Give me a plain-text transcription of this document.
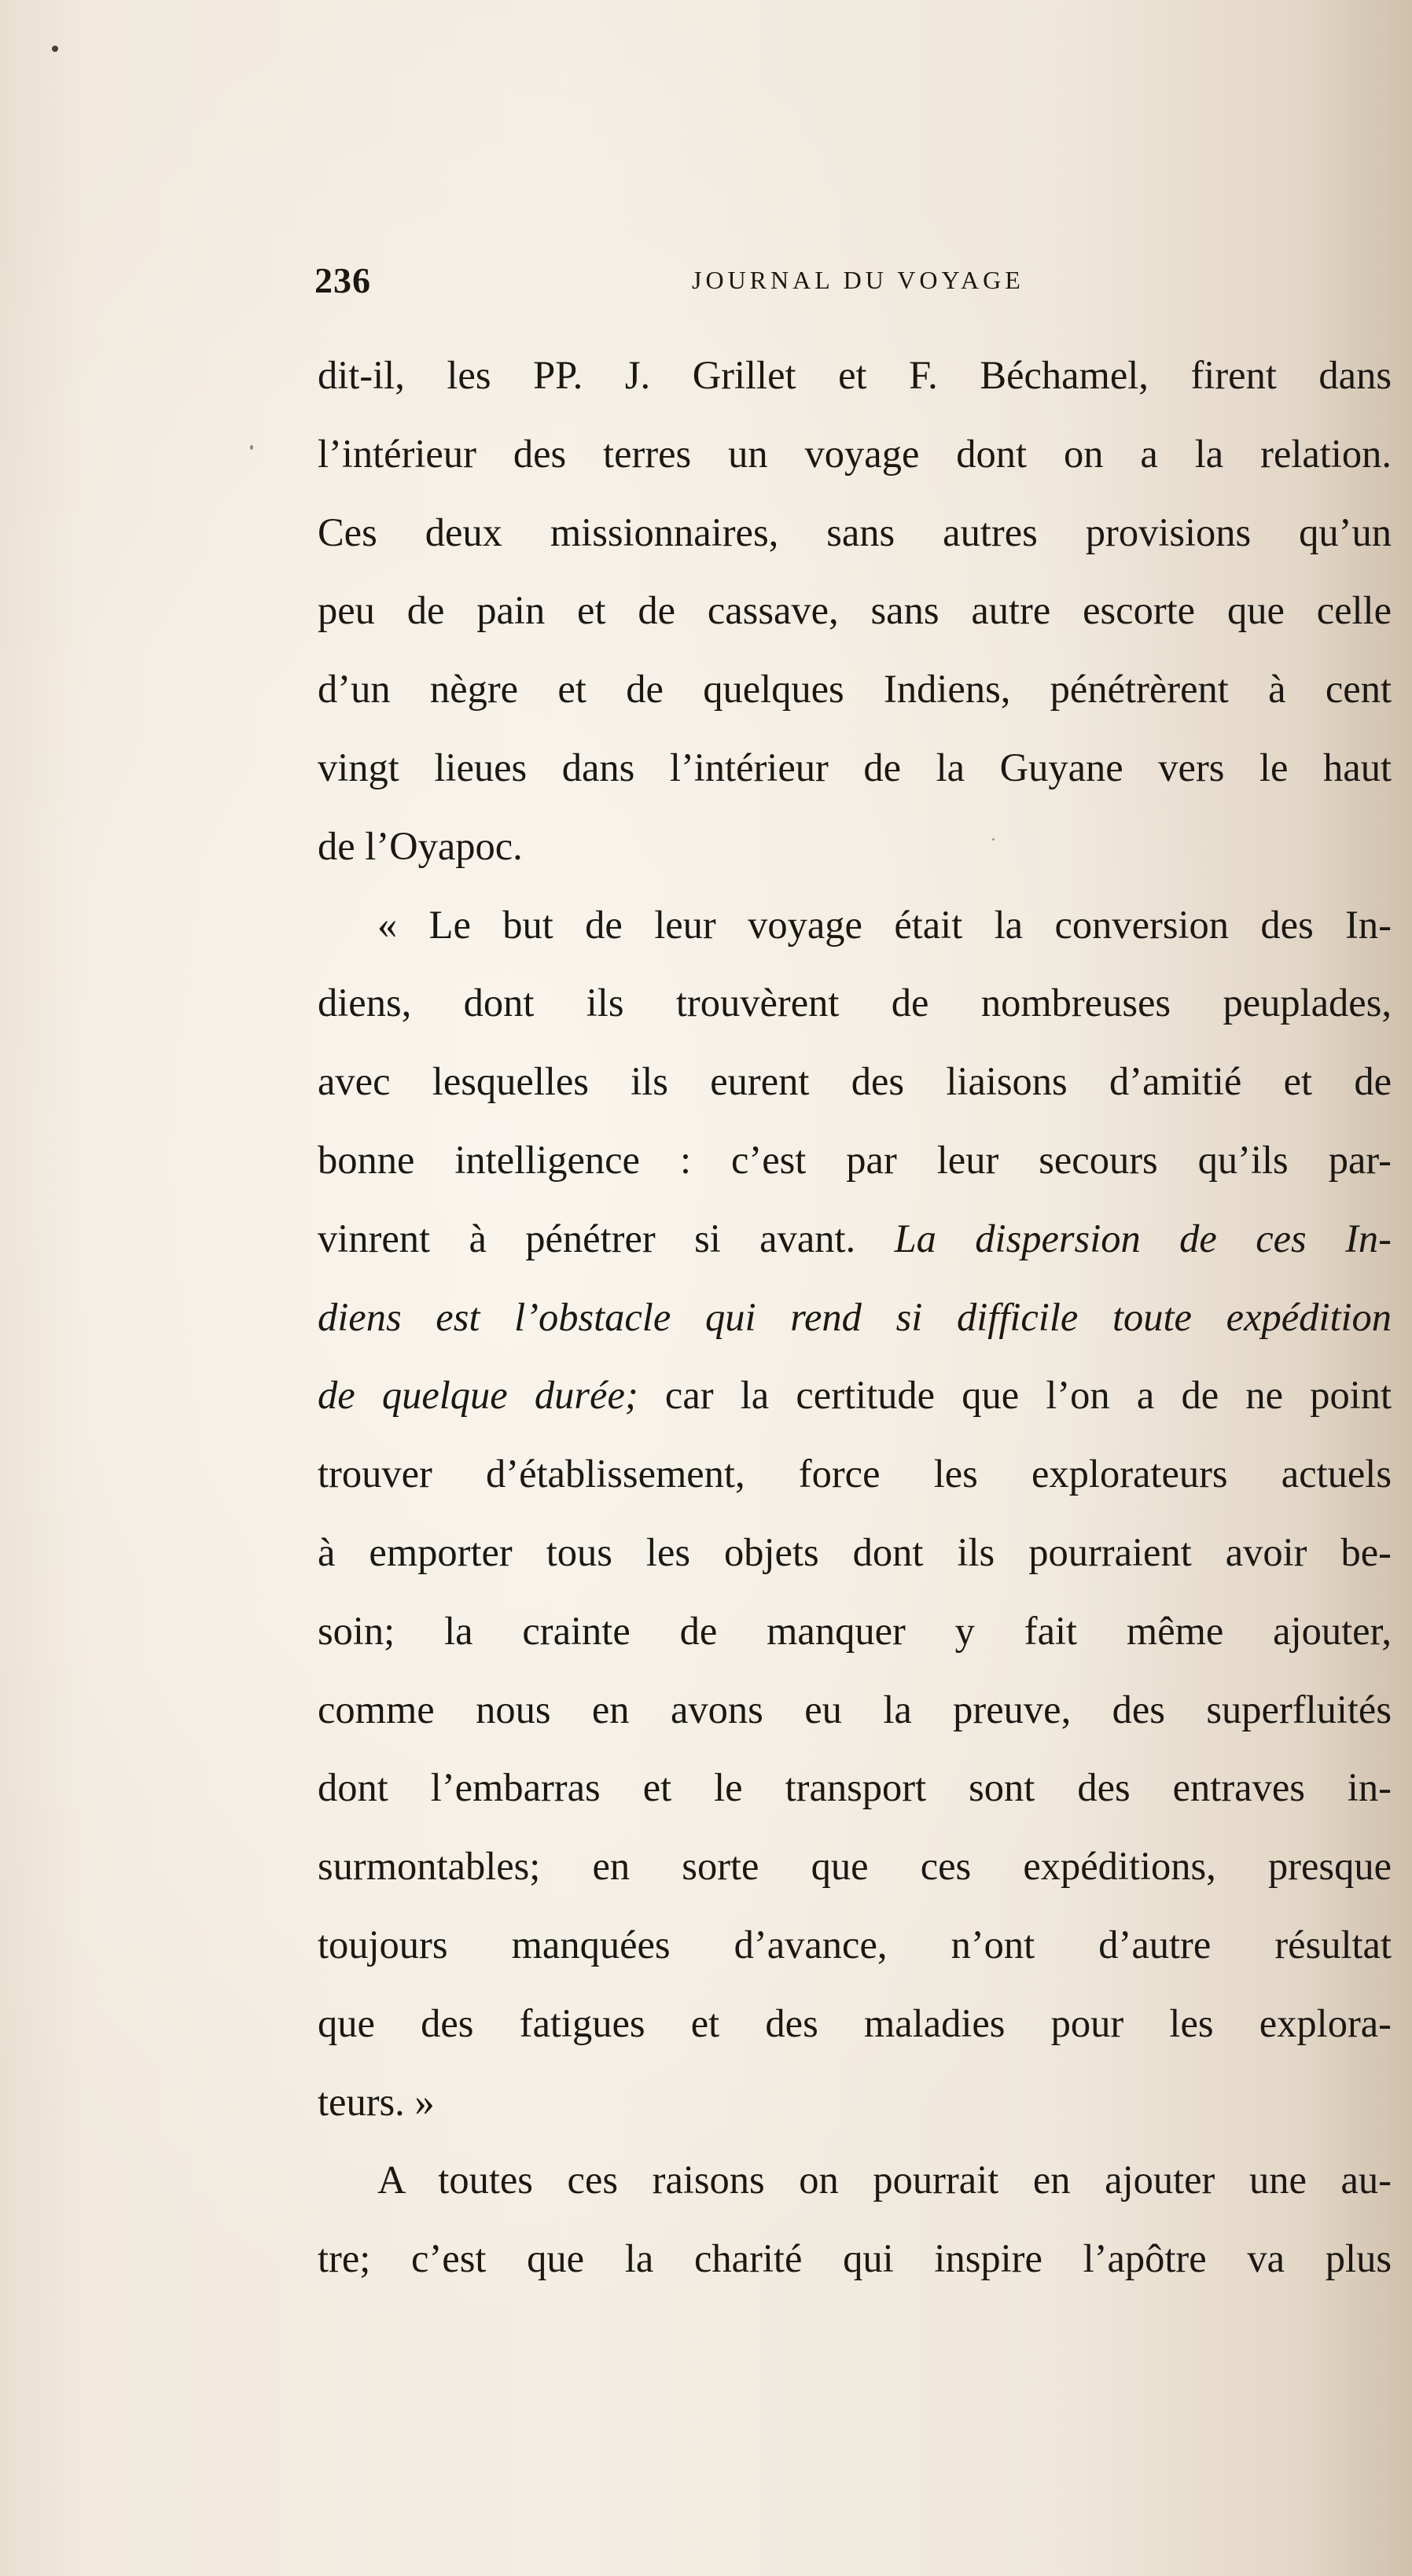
236	JOURNAL DU VOYAGE
dit-il, les PP. J. Grillet et F. Béchamel, firent dans
l’intérieur des terres un voyage dont on a la relation.
Ces deux missionnaires, sans autres provisions qu’un
peu de pain et de cassave, sans autre escorte que celle
d’un nègre et de quelques Indiens, pénétrèrent à cent
vingt lieues dans l’intérieur de la Guyane vers le haut
de l’Oyapoc.
« Le but de leur voyage était la conversion des In-
diens, dont ils trouvèrent de nombreuses peuplades,
avec lesquelles ils eurent des liaisons d’amitié et de
bonne intelligence : c’est par leur secours qu’ils par-
vinrent à pénétrer si avant. La dispersion de ces In-
diens est l’obstacle qui rend si difficile toute expédition
de quelque durée; car la certitude que l’on a de ne point
trouver d’établissement, force les explorateurs actuels
à emporter tous les objets dont ils pourraient avoir be-
soin; la crainte de manquer y fait même ajouter,
comme nous en avons eu la preuve, des superfluités
dont l’embarras et le transport sont des entraves in-
surmontables; en sorte que ces expéditions, presque
toujours manquées d’avance, n’ont d’autre résultat
que des fatigues et des maladies pour les explora-
teurs. »
A toutes ces raisons on pourrait en ajouter une au-
tre; c’est que la charité qui inspire l’apôtre va plus
